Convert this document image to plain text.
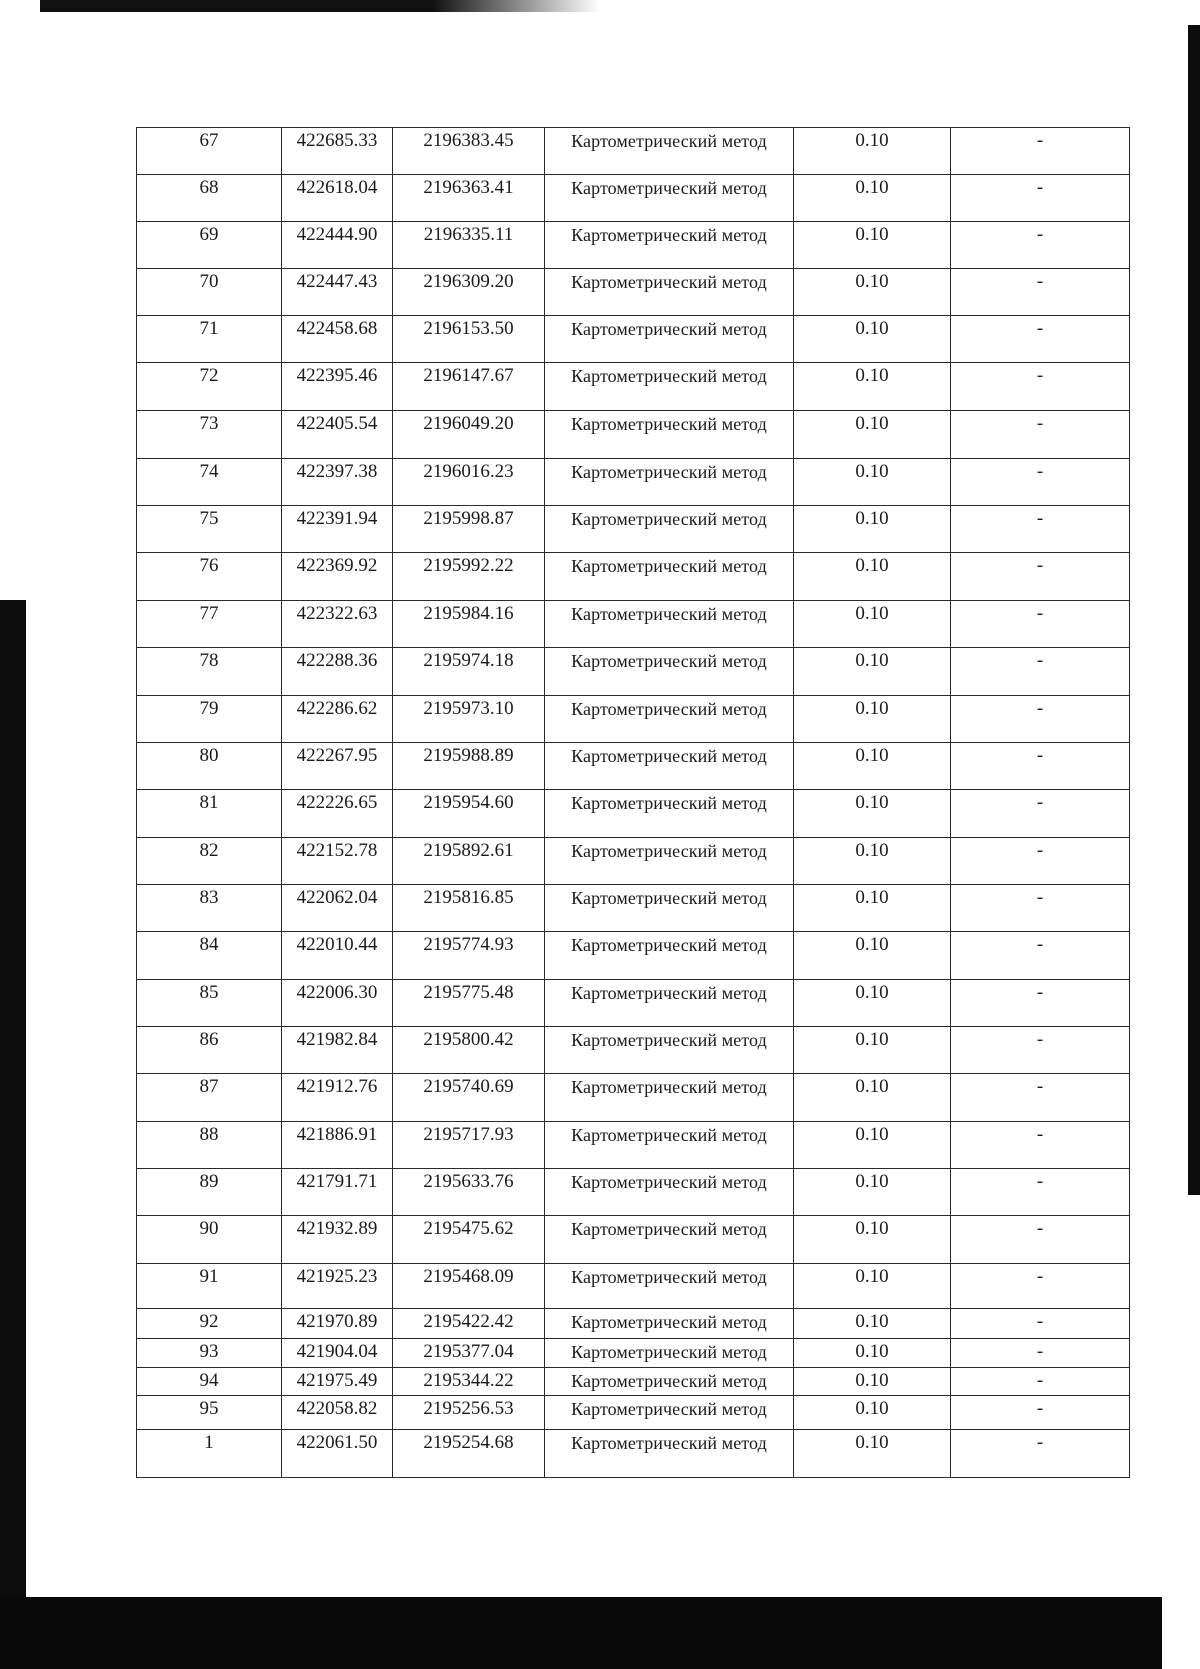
67	422685.33	2196383.45	Картометрический метод	0.10	-
68	422618.04	2196363.41	Картометрический метод	0.10	-
69	422444.90	2196335.11	Картометрический метод	0.10	-
70	422447.43	2196309.20	Картометрический метод	0.10	-
71	422458.68	2196153.50	Картометрический метод	0.10	-
72	422395.46	2196147.67	Картометрический метод	0.10	-
73	422405.54	2196049.20	Картометрический метод	0.10	-
74	422397.38	2196016.23	Картометрический метод	0.10	-
75	422391.94	2195998.87	Картометрический метод	0.10	-
76	422369.92	2195992.22	Картометрический метод	0.10	-
77	422322.63	2195984.16	Картометрический метод	0.10	-
78	422288.36	2195974.18	Картометрический метод	0.10	-
79	422286.62	2195973.10	Картометрический метод	0.10	-
80	422267.95	2195988.89	Картометрический метод	0.10	-
81	422226.65	2195954.60	Картометрический метод	0.10	-
82	422152.78	2195892.61	Картометрический метод	0.10	-
83	422062.04	2195816.85	Картометрический метод	0.10	-
84	422010.44	2195774.93	Картометрический метод	0.10	-
85	422006.30	2195775.48	Картометрический метод	0.10	-
86	421982.84	2195800.42	Картометрический метод	0.10	-
87	421912.76	2195740.69	Картометрический метод	0.10	-
88	421886.91	2195717.93	Картометрический метод	0.10	-
89	421791.71	2195633.76	Картометрический метод	0.10	-
90	421932.89	2195475.62	Картометрический метод	0.10	-
91	421925.23	2195468.09	Картометрический метод	0.10	-
92	421970.89	2195422.42	Картометрический метод	0.10	-
93	421904.04	2195377.04	Картометрический метод	0.10	-
94	421975.49	2195344.22	Картометрический метод	0.10	-
95	422058.82	2195256.53	Картометрический метод	0.10	-
1	422061.50	2195254.68	Картометрический метод	0.10	-
